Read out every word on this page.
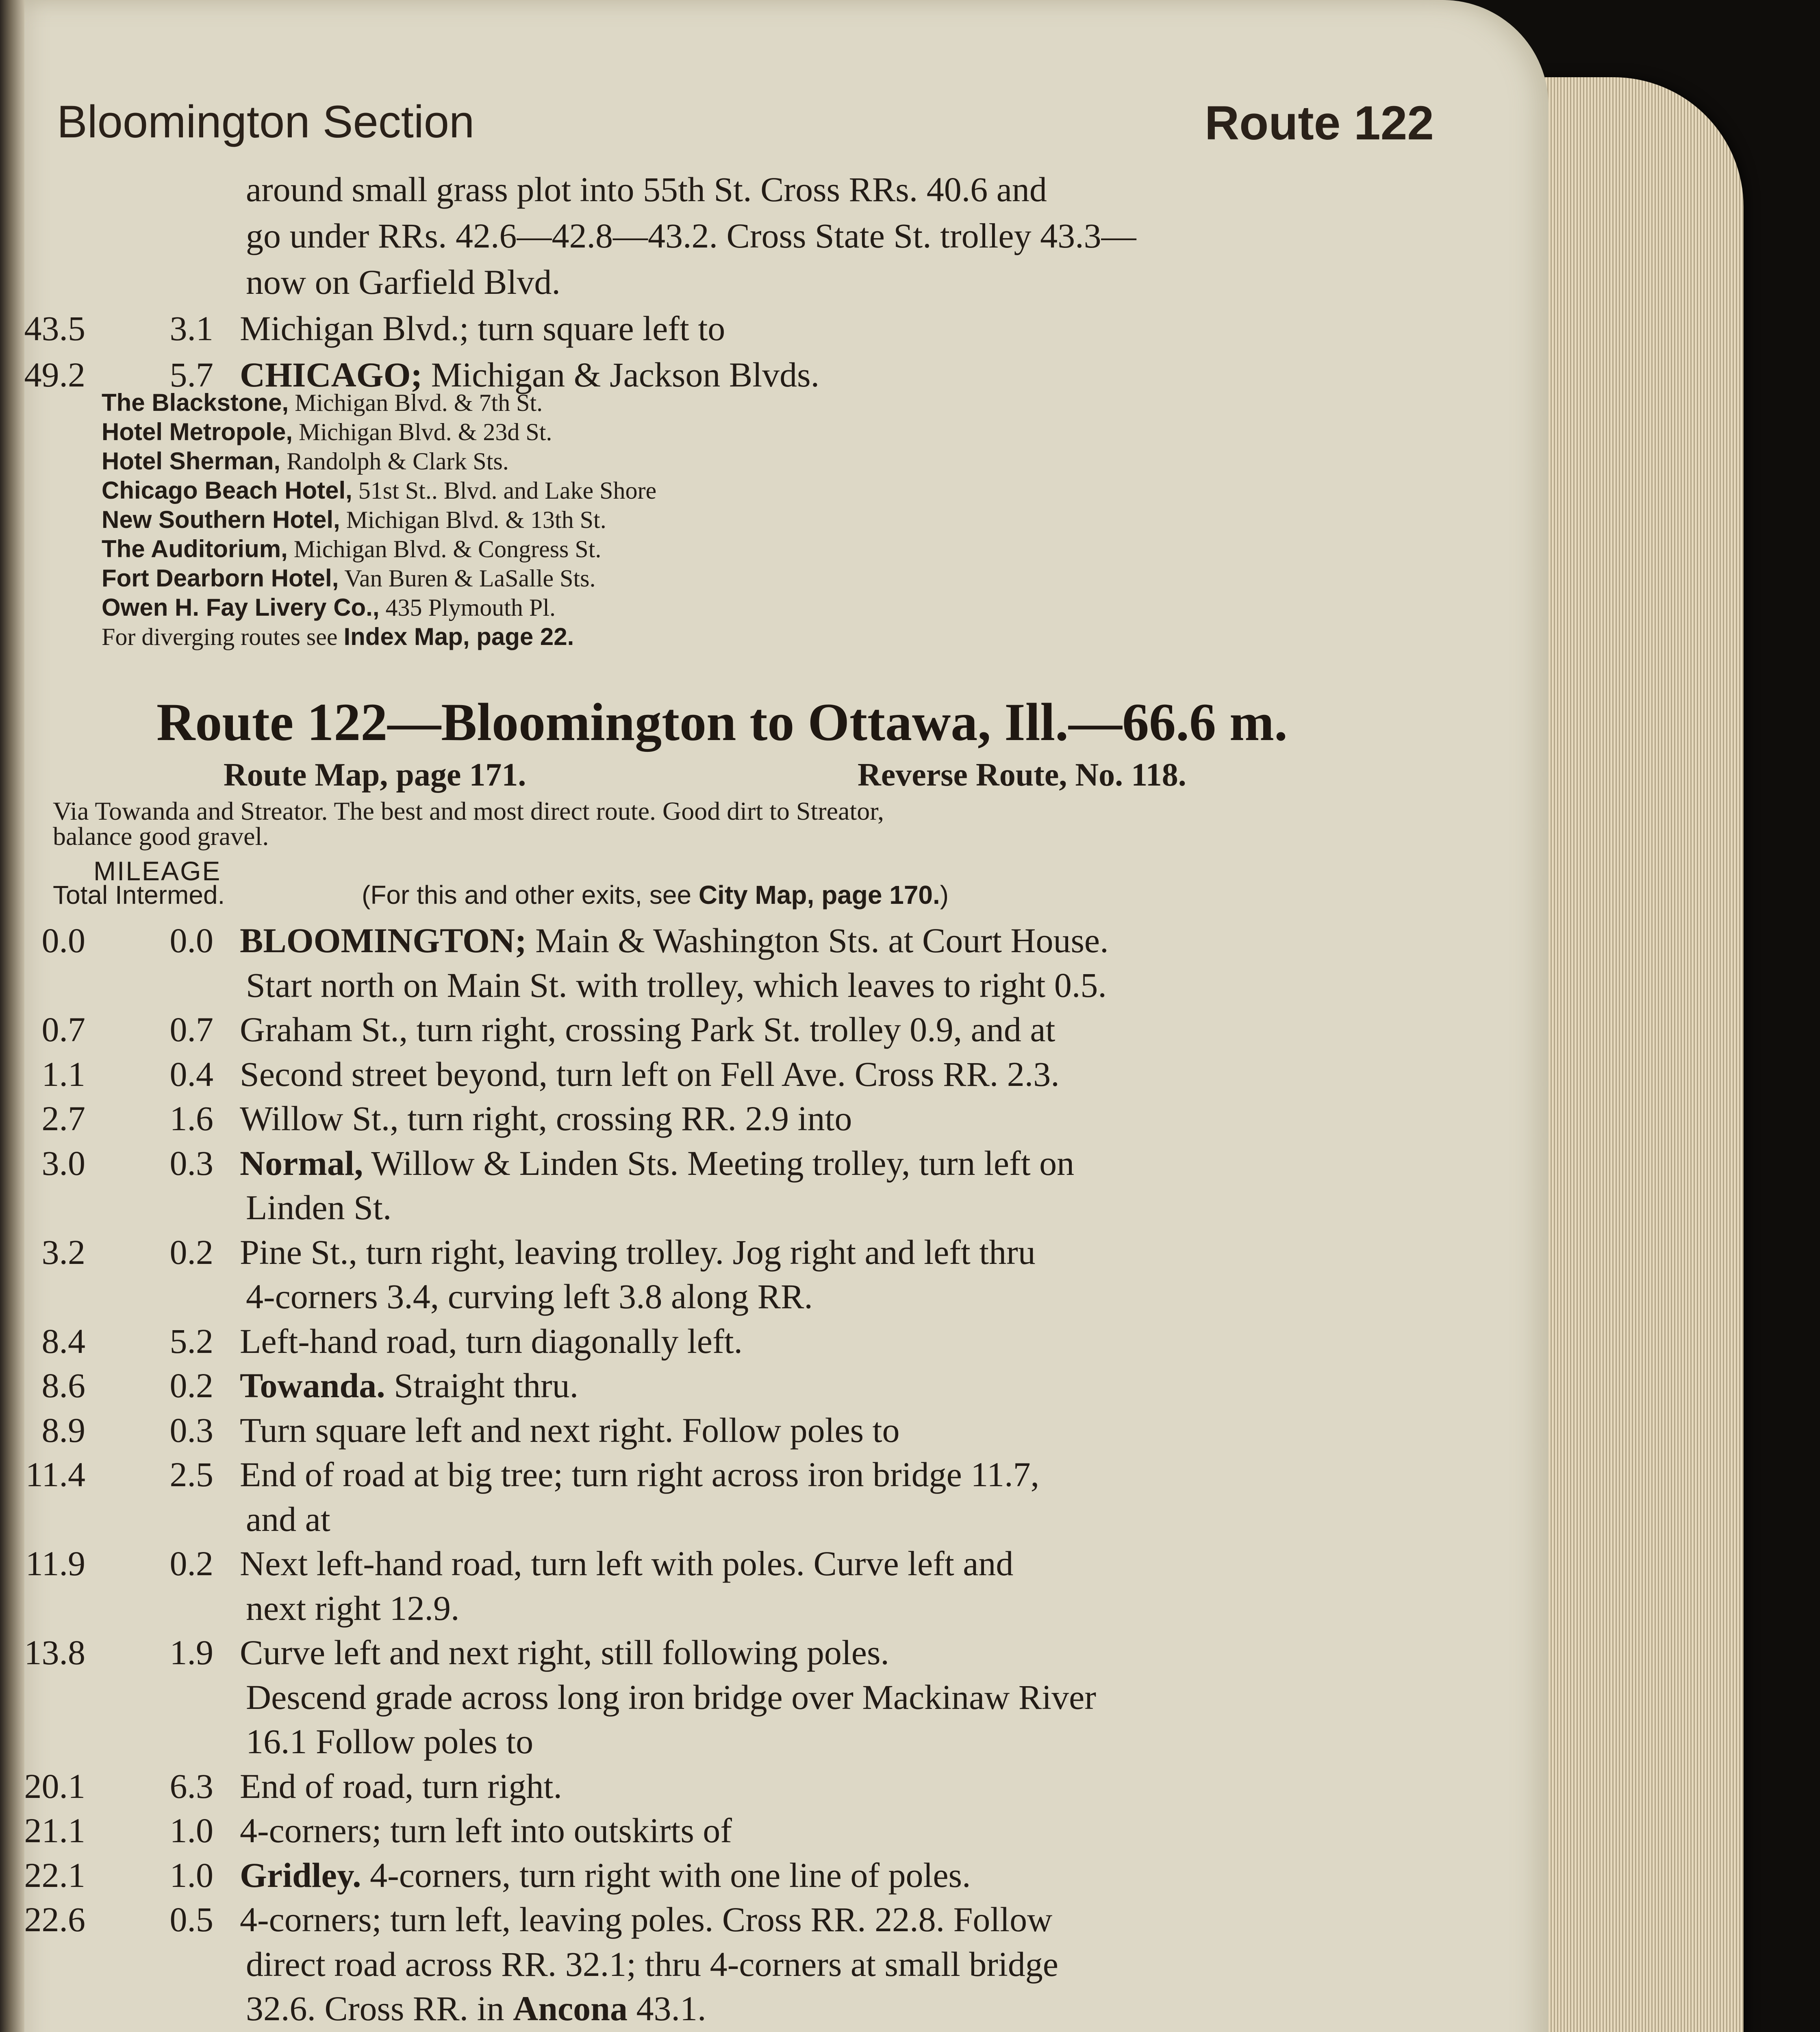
Bloomington Section	Route 122
around small grass plot into 55th St. Cross RRs. 40.6 and
go under RRs. 42.6—42.8—43.2. Cross State St. trolley 43.3—
now on Garfield Blvd.
43.5 3.1 Michigan Blvd.; turn square left to
49.2 5.7 CHICAGO; Michigan & Jackson Blvds.
The Blackstone, Michigan Blvd. & 7th St.
Hotel Metropole, Michigan Blvd. & 23d St.
Hotel Sherman, Randolph & Clark Sts.
Chicago Beach Hotel, 51st St.. Blvd. and Lake Shore
New Southern Hotel, Michigan Blvd. & 13th St.
The Auditorium, Michigan Blvd. & Congress St.
Fort Dearborn Hotel, Van Buren & LaSalle Sts.
Owen H. Fay Livery Co., 435 Plymouth Pl.
For diverging routes see Index Map, page 22.
Route 122—Bloomington to Ottawa, Ill.—66.6 m.
Route Map, page 171.	Reverse Route, No. 118.
Via Towanda and Streator. The best and most direct route. Good dirt to Streator,
balance good gravel.
MILEAGE
Total Intermed.	(For this and other exits, see City Map, page 170.)
0.0 0.0 BLOOMINGTON; Main & Washington Sts. at Court House.
Start north on Main St. with trolley, which leaves to right 0.5.
0.7 0.7 Graham St., turn right, crossing Park St. trolley 0.9, and at
1.1 0.4 Second street beyond, turn left on Fell Ave. Cross RR. 2.3.
2.7 1.6 Willow St., turn right, crossing RR. 2.9 into
3.0 0.3 Normal, Willow & Linden Sts. Meeting trolley, turn left on
Linden St.
3.2 0.2 Pine St., turn right, leaving trolley. Jog right and left thru
4-corners 3.4, curving left 3.8 along RR.
8.4 5.2 Left-hand road, turn diagonally left.
8.6 0.2 Towanda. Straight thru.
8.9 0.3 Turn square left and next right. Follow poles to
11.4 2.5 End of road at big tree; turn right across iron bridge 11.7,
and at
11.9 0.2 Next left-hand road, turn left with poles. Curve left and
next right 12.9.
13.8 1.9 Curve left and next right, still following poles.
Descend grade across long iron bridge over Mackinaw River
16.1 Follow poles to
20.1 6.3 End of road, turn right.
21.1 1.0 4-corners; turn left into outskirts of
22.1 1.0 Gridley. 4-corners, turn right with one line of poles.
22.6 0.5 4-corners; turn left, leaving poles. Cross RR. 22.8. Follow
direct road across RR. 32.1; thru 4-corners at small bridge
32.6. Cross RR. in Ancona 43.1.
